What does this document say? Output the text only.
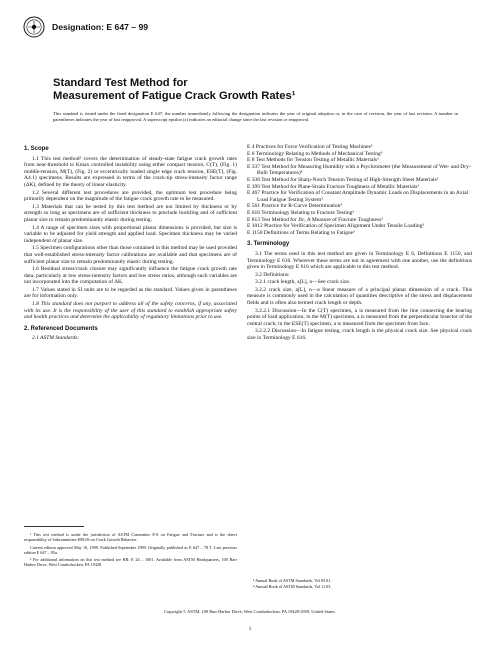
Designation: E 647 – 99
Standard Test Method for
Measurement of Fatigue Crack Growth Rates¹
This standard is issued under the fixed designation E 647; the number immediately following the designation indicates the year of original adoption or, in the case of revision, the year of last revision. A number in parentheses indicates the year of last reapproval. A superscript epsilon (ε) indicates an editorial change since the last revision or reapproval.
1. Scope

1.1 This test method² covers the determination of steady-state fatigue crack growth rates from near-threshold to Kmax controlled instability using either compact tension, C(T), (Fig. 1) middle-tension, M(T), (Fig. 2) or eccentrically loaded single edge crack tension, ESE(T), (Fig. A4.1) specimens. Results are expressed in terms of the crack-tip stress-intensity factor range (ΔK), defined by the theory of linear elasticity.

1.2 Several different test procedures are provided, the optimum test procedure being primarily dependent on the magnitude of the fatigue crack growth rate to be measured.

1.3 Materials that can be tested by this test method are not limited by thickness or by strength so long as specimens are of sufficient thickness to preclude buckling and of sufficient planar size to remain predominantly elastic during testing.

1.4 A range of specimen sizes with proportional planar dimensions is provided, but size is variable to be adjusted for yield strength and applied load. Specimen thickness may be varied independent of planar size.

1.5 Specimen configurations other than those contained in this method may be used provided that well-established stress-intensity factor calibrations are available and that specimens are of sufficient planar size to remain predominantly elastic during testing.

1.6 Residual stress/crack closure may significantly influence the fatigue crack growth rate data, particularly at low stress-intensity factors and low stress ratios, although such variables are not incorporated into the computation of ΔK.

1.7 Values stated in SI units are to be regarded as the standard. Values given in parentheses are for information only.

1.8 This standard does not purport to address all of the safety concerns, if any, associated with its use. It is the responsibility of the user of this standard to establish appropriate safety and health practices and determine the applicability of regulatory limitations prior to use.

2. Referenced Documents

2.1 ASTM Standards:

¹ This test method is under the jurisdiction of ASTM Committee E-8 on Fatigue and Fracture and is the direct responsibility of Subcommittee E08.06 on Crack Growth Behavior.

Current edition approved May 10, 1999. Published September 1999. Originally published as E 647 – 78 T. Last previous edition E 647 – 95a.

² For additional information on this test method see RR: E 24 – 1001. Available from ASTM Headquarters, 100 Barr Harbor Drive, West Conshohocken, PA 19428.

E 4 Practices for Force Verification of Testing Machines³

E 6 Terminology Relating to Methods of Mechanical Testing³

E 8 Test Methods for Tension Testing of Metallic Materials³

E 337 Test Method for Measuring Humidity with a Psychrometer (the Measurement of Wet- and Dry-Bulb Temperatures)⁴

E 338 Test Method for Sharp-Notch Tension Testing of High-Strength Sheet Materials³

E 399 Test Method for Plane-Strain Fracture Toughness of Metallic Materials³

E 467 Practice for Verification of Constant Amplitude Dynamic Loads on Displacements in an Axial Load Fatigue Testing System³

E 561 Practice for R-Curve Determination³

E 616 Terminology Relating to Fracture Testing³

E 813 Test Method for JIc, A Measure of Fracture Toughness³

E 1012 Practice for Verification of Specimen Alignment Under Tensile Loading³

E 1150 Definitions of Terms Relating to Fatigue³

3. Terminology

3.1 The terms used in this test method are given in Terminology E 6, Definitions E 1150, and Terminology E 616. Wherever these terms are not in agreement with one another, use the definitions given in Terminology E 616 which are applicable to this test method.

3.2 Definitions:

3.2.1 crack length, a[L], n—See crack size.

3.2.2 crack size, a[L], n—a linear measure of a principal planar dimension of a crack. This measure is commonly used in the calculation of quantities descriptive of the stress and displacement fields and is often also termed crack length or depth.

3.2.2.1 Discussion—In the C(T) specimen, a is measured from the line connecting the bearing points of load application; in the M(T) specimen, a is measured from the perpendicular bisector of the central crack; in the ESE(T) specimen, a is measured from the specimen front face.

3.2.2.2 Discussion—In fatigue testing, crack length is the physical crack size. See physical crack size in Terminology E 616.

³ Annual Book of ASTM Standards, Vol 03.01.

⁴ Annual Book of ASTM Standards, Vol 11.03.

Copyright © ASTM, 100 Barr Harbor Drive, West Conshohocken, PA 19428-2959, United States.
1
